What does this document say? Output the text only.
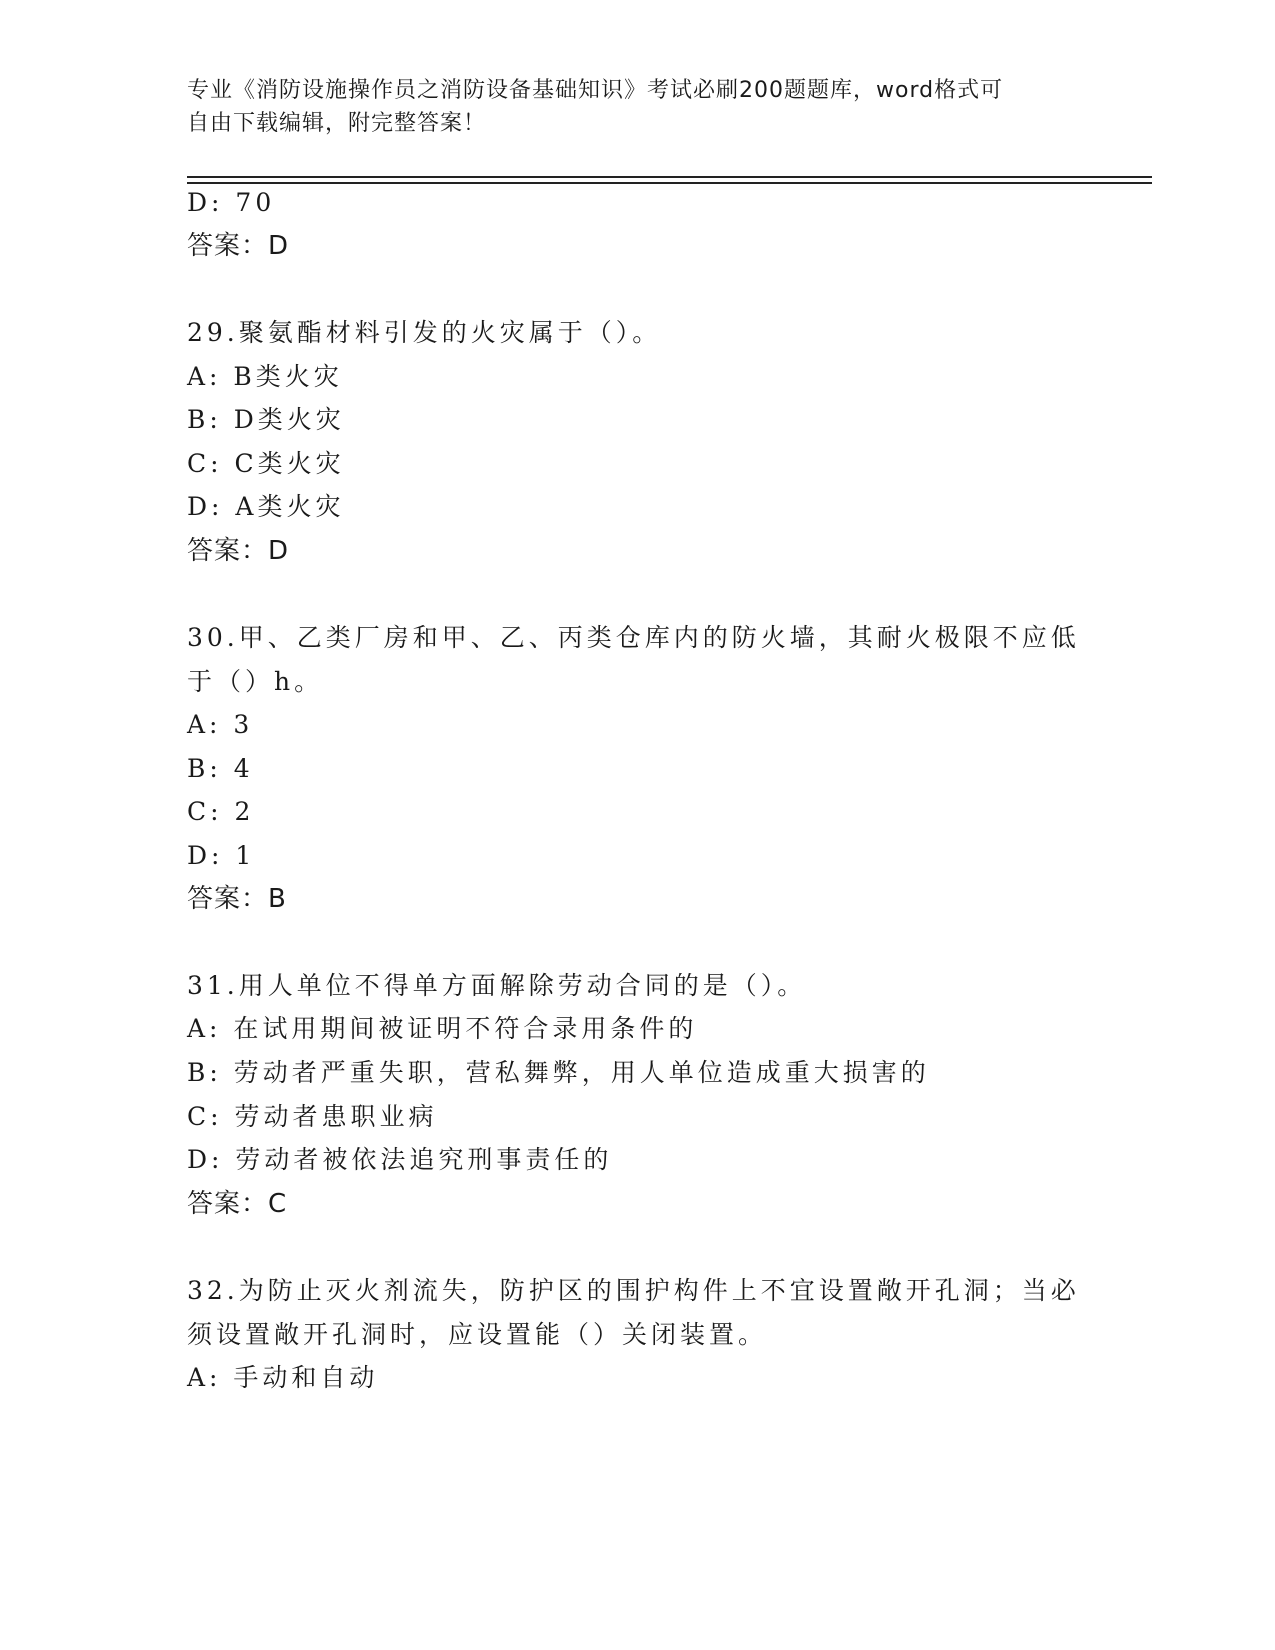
专业《消防设施操作员之消防设备基础知识》考试必刷200题题库，word格式可
自由下载编辑，附完整答案！
D: 70
答案：D
29.聚氨酯材料引发的火灾属于（）。
A: B类火灾
B: D类火灾
C: C类火灾
D: A类火灾
答案：D
30.甲、乙类厂房和甲、乙、丙类仓库内的防火墙，其耐火极限不应低
于（）h。
A: 3
B: 4
C: 2
D: 1
答案：B
31.用人单位不得单方面解除劳动合同的是（）。
A: 在试用期间被证明不符合录用条件的
B: 劳动者严重失职，营私舞弊，用人单位造成重大损害的
C: 劳动者患职业病
D: 劳动者被依法追究刑事责任的
答案：C
32.为防止灭火剂流失，防护区的围护构件上不宜设置敞开孔洞；当必
须设置敞开孔洞时，应设置能（）关闭装置。
A: 手动和自动
